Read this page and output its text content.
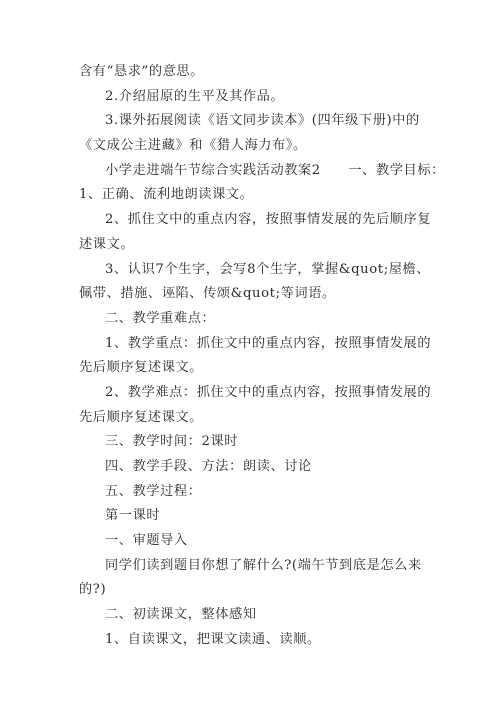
含有“恳求”的意思。
2.介绍屈原的生平及其作品。
3.课外拓展阅读《语文同步读本》(四年级下册)中的
《文成公主进藏》和《猎人海力布》。
小学走进端午节综合实践活动教案2　　一、教学目标：
1、正确、流利地朗读课文。
2、抓住文中的重点内容，按照事情发展的先后顺序复
述课文。
3、认识7个生字，会写8个生字，掌握&quot;屋檐、
佩带、措施、诬陷、传颂&quot;等词语。
二、教学重难点：
1、教学重点：抓住文中的重点内容，按照事情发展的
先后顺序复述课文。
2、教学难点：抓住文中的重点内容，按照事情发展的
先后顺序复述课文。
三、教学时间：2课时
四、教学手段、方法：朗读、讨论
五、教学过程：
第一课时
一、审题导入
同学们读到题目你想了解什么?(端午节到底是怎么来
的?)
二、初读课文，整体感知
1、自读课文，把课文读通、读顺。
